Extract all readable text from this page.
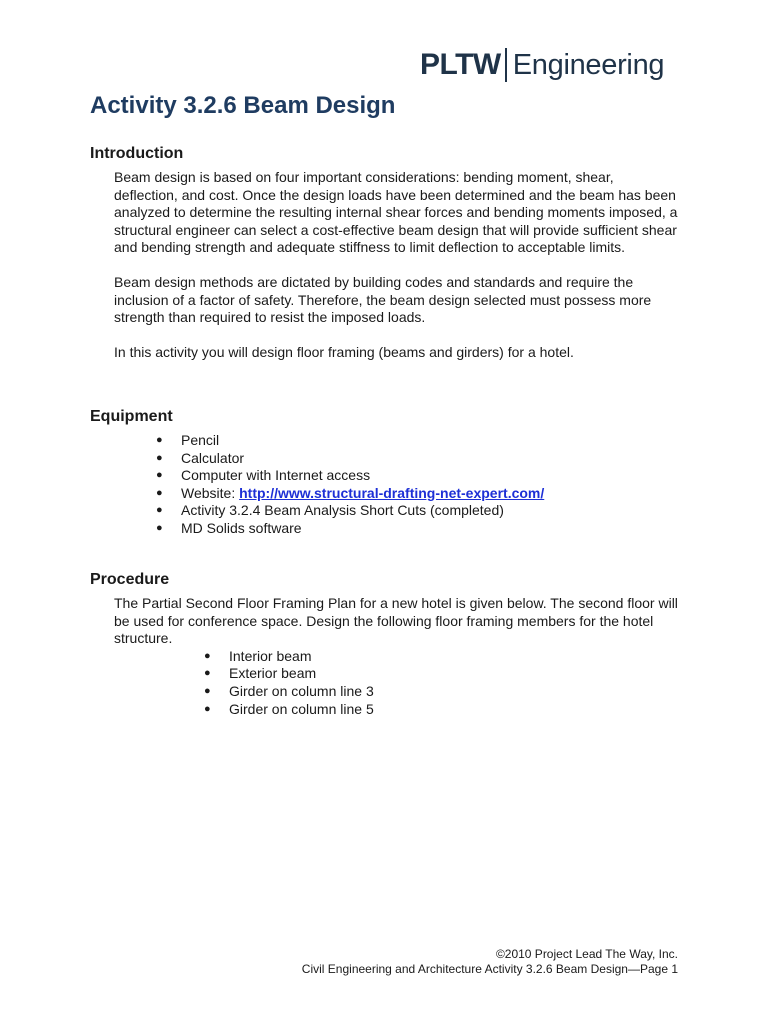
PLTW Engineering
Activity 3.2.6 Beam Design
Introduction

Beam design is based on four important considerations: bending moment, shear, deflection, and cost. Once the design loads have been determined and the beam has been analyzed to determine the resulting internal shear forces and bending moments imposed, a structural engineer can select a cost-effective beam design that will provide sufficient shear and bending strength and adequate stiffness to limit deflection to acceptable limits.

Beam design methods are dictated by building codes and standards and require the inclusion of a factor of safety. Therefore, the beam design selected must possess more strength than required to resist the imposed loads.

In this activity you will design floor framing (beams and girders) for a hotel.

Equipment
● Pencil
● Calculator
● Computer with Internet access
● Website: http://www.structural-drafting-net-expert.com/
● Activity 3.2.4 Beam Analysis Short Cuts (completed)
● MD Solids software
Procedure

The Partial Second Floor Framing Plan for a new hotel is given below. The second floor will be used for conference space. Design the following floor framing members for the hotel structure.

● Interior beam
● Exterior beam
● Girder on column line 3
● Girder on column line 5
©2010 Project Lead The Way, Inc.
Civil Engineering and Architecture Activity 3.2.6 Beam Design—Page 1
